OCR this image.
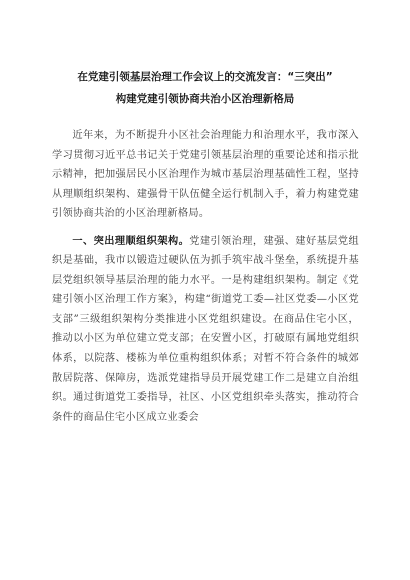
在党建引领基层治理工作会议上的交流发言：“三突出”
构建党建引领协商共治小区治理新格局

近年来，为不断提升小区社会治理能力和治理水平，我市深入学习贯彻习近平总书记关于党建引领基层治理的重要论述和指示批示精神，把加强居民小区治理作为城市基层治理基础性工程，坚持从理顺组织架构、建强骨干队伍健全运行机制入手，着力构建党建引领协商共治的小区治理新格局。

一、突出理顺组织架构。党建引领治理，建强、建好基层党组织是基础，我市以锻造过硬队伍为抓手筑牢战斗堡垒，系统提升基层党组织领导基层治理的能力水平。一是构建组织架构。制定《党建引领小区治理工作方案》，构建“街道党工委—社区党委—小区党支部”三级组织架构分类推进小区党组织建设。在商品住宅小区，推动以小区为单位建立党支部；在安置小区，打破原有属地党组织体系，以院落、楼栋为单位重构组织体系；对暂不符合条件的城郊散居院落、保障房，选派党建指导员开展党建工作二是建立自治组织。通过街道党工委指导，社区、小区党组织牵头落实，推动符合条件的商品住宅小区成立业委会
